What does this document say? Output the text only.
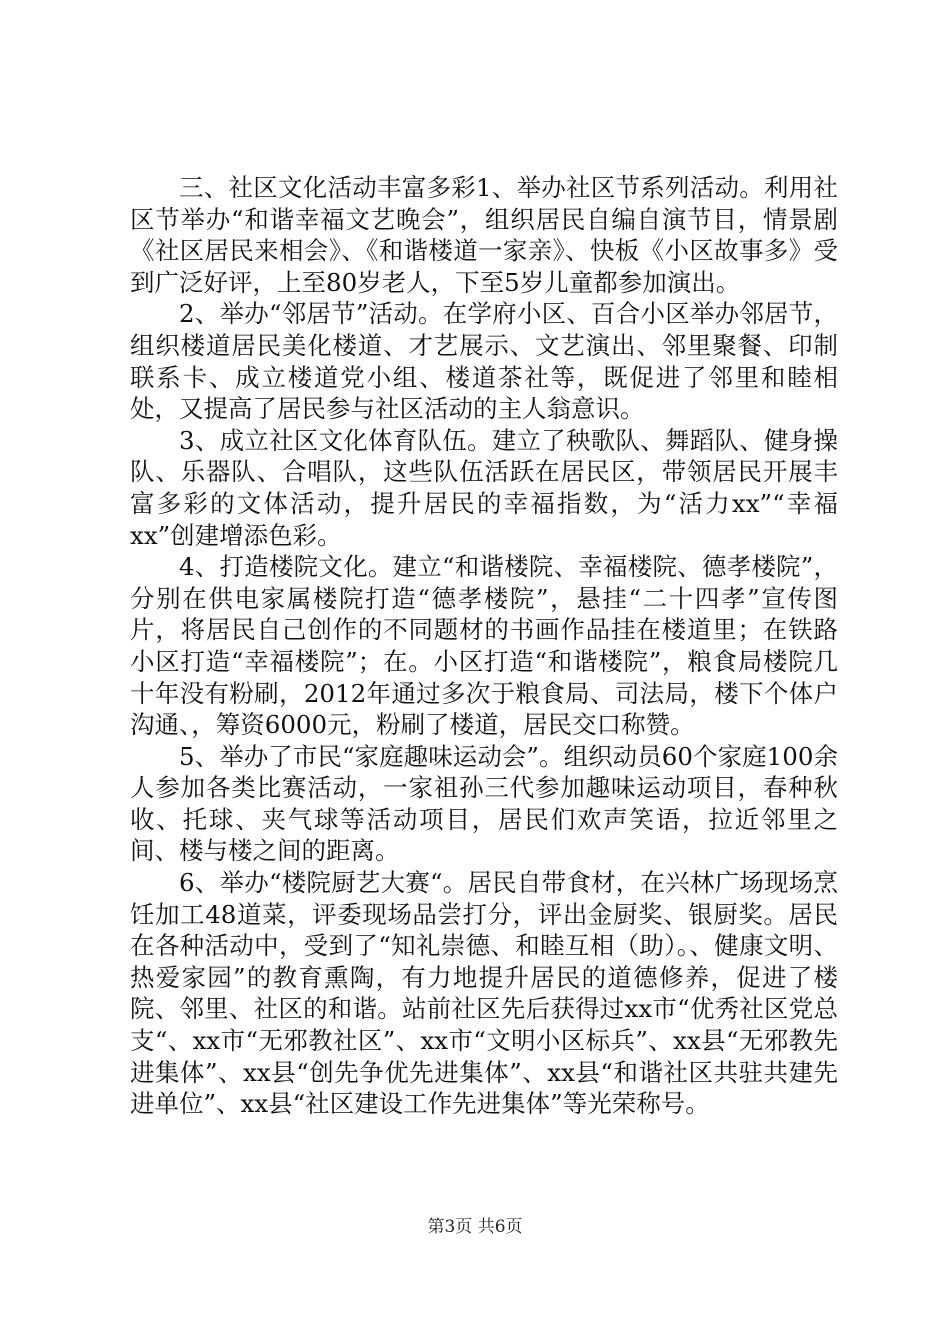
三、社区文化活动丰富多彩1、举办社区节系列活动。利用社区节举办“和谐幸福文艺晚会”，组织居民自编自演节目，情景剧《社区居民来相会》、《和谐楼道一家亲》、快板《小区故事多》受到广泛好评，上至80岁老人，下至5岁儿童都参加演出。

2、举办“邻居节”活动。在学府小区、百合小区举办邻居节，组织楼道居民美化楼道、才艺展示、文艺演出、邻里聚餐、印制联系卡、成立楼道党小组、楼道茶社等，既促进了邻里和睦相处，又提高了居民参与社区活动的主人翁意识。

3、成立社区文化体育队伍。建立了秧歌队、舞蹈队、健身操队、乐器队、合唱队，这些队伍活跃在居民区，带领居民开展丰富多彩的文体活动，提升居民的幸福指数，为“活力xx”“幸福xx”创建增添色彩。

4、打造楼院文化。建立“和谐楼院、幸福楼院、德孝楼院”，分别在供电家属楼院打造“德孝楼院”，悬挂“二十四孝”宣传图片，将居民自己创作的不同题材的书画作品挂在楼道里；在铁路小区打造“幸福楼院”；在。小区打造“和谐楼院”，粮食局楼院几十年没有粉刷，2012年通过多次于粮食局、司法局，楼下个体户沟通、，筹资6000元，粉刷了楼道，居民交口称赞。

5、举办了市民“家庭趣味运动会”。组织动员60个家庭100余人参加各类比赛活动，一家祖孙三代参加趣味运动项目，春种秋收、托球、夹气球等活动项目，居民们欢声笑语，拉近邻里之间、楼与楼之间的距离。

6、举办“楼院厨艺大赛“。居民自带食材，在兴林广场现场烹饪加工48道菜，评委现场品尝打分，评出金厨奖、银厨奖。居民在各种活动中，受到了“知礼崇德、和睦互相（助）。、健康文明、热爱家园”的教育熏陶，有力地提升居民的道德修养，促进了楼院、邻里、社区的和谐。站前社区先后获得过xx市“优秀社区党总支“、xx市“无邪教社区”、xx市“文明小区标兵”、xx县“无邪教先进集体”、xx县“创先争优先进集体”、xx县“和谐社区共驻共建先进单位”、xx县“社区建设工作先进集体”等光荣称号。

第3页 共6页
